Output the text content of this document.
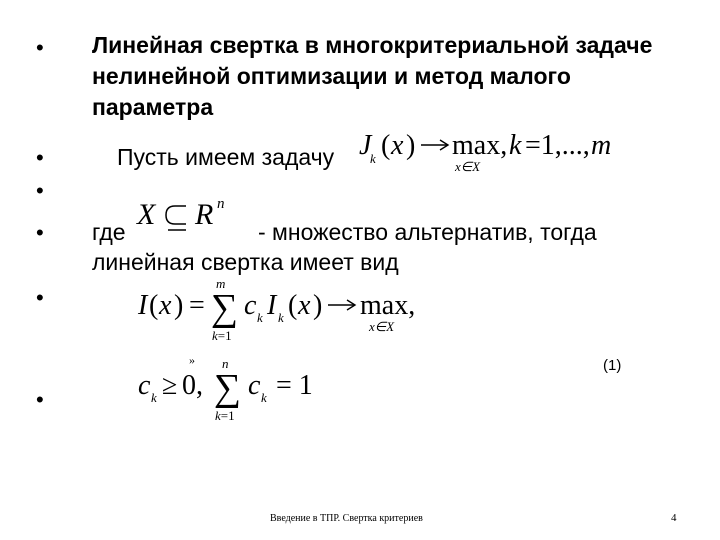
•
•
•
•
•
•
Линейная свертка в многокритериальной задаче нелинейной оптимизации и метод малого параметра
Пусть имеем задачу J
k ( x ) max,
x∈X
k =1,..., m
где
X R n
- множество альтернатив, тогда линейная свертка имеет вид
I ( x ) =
m
∑
k=1
c k I k ( x ) max,
x∈X
»	(1)
c k ≥ 0,
n
∑
k=1
c k = 1
Введение в ТПР. Свертка критериев	4
